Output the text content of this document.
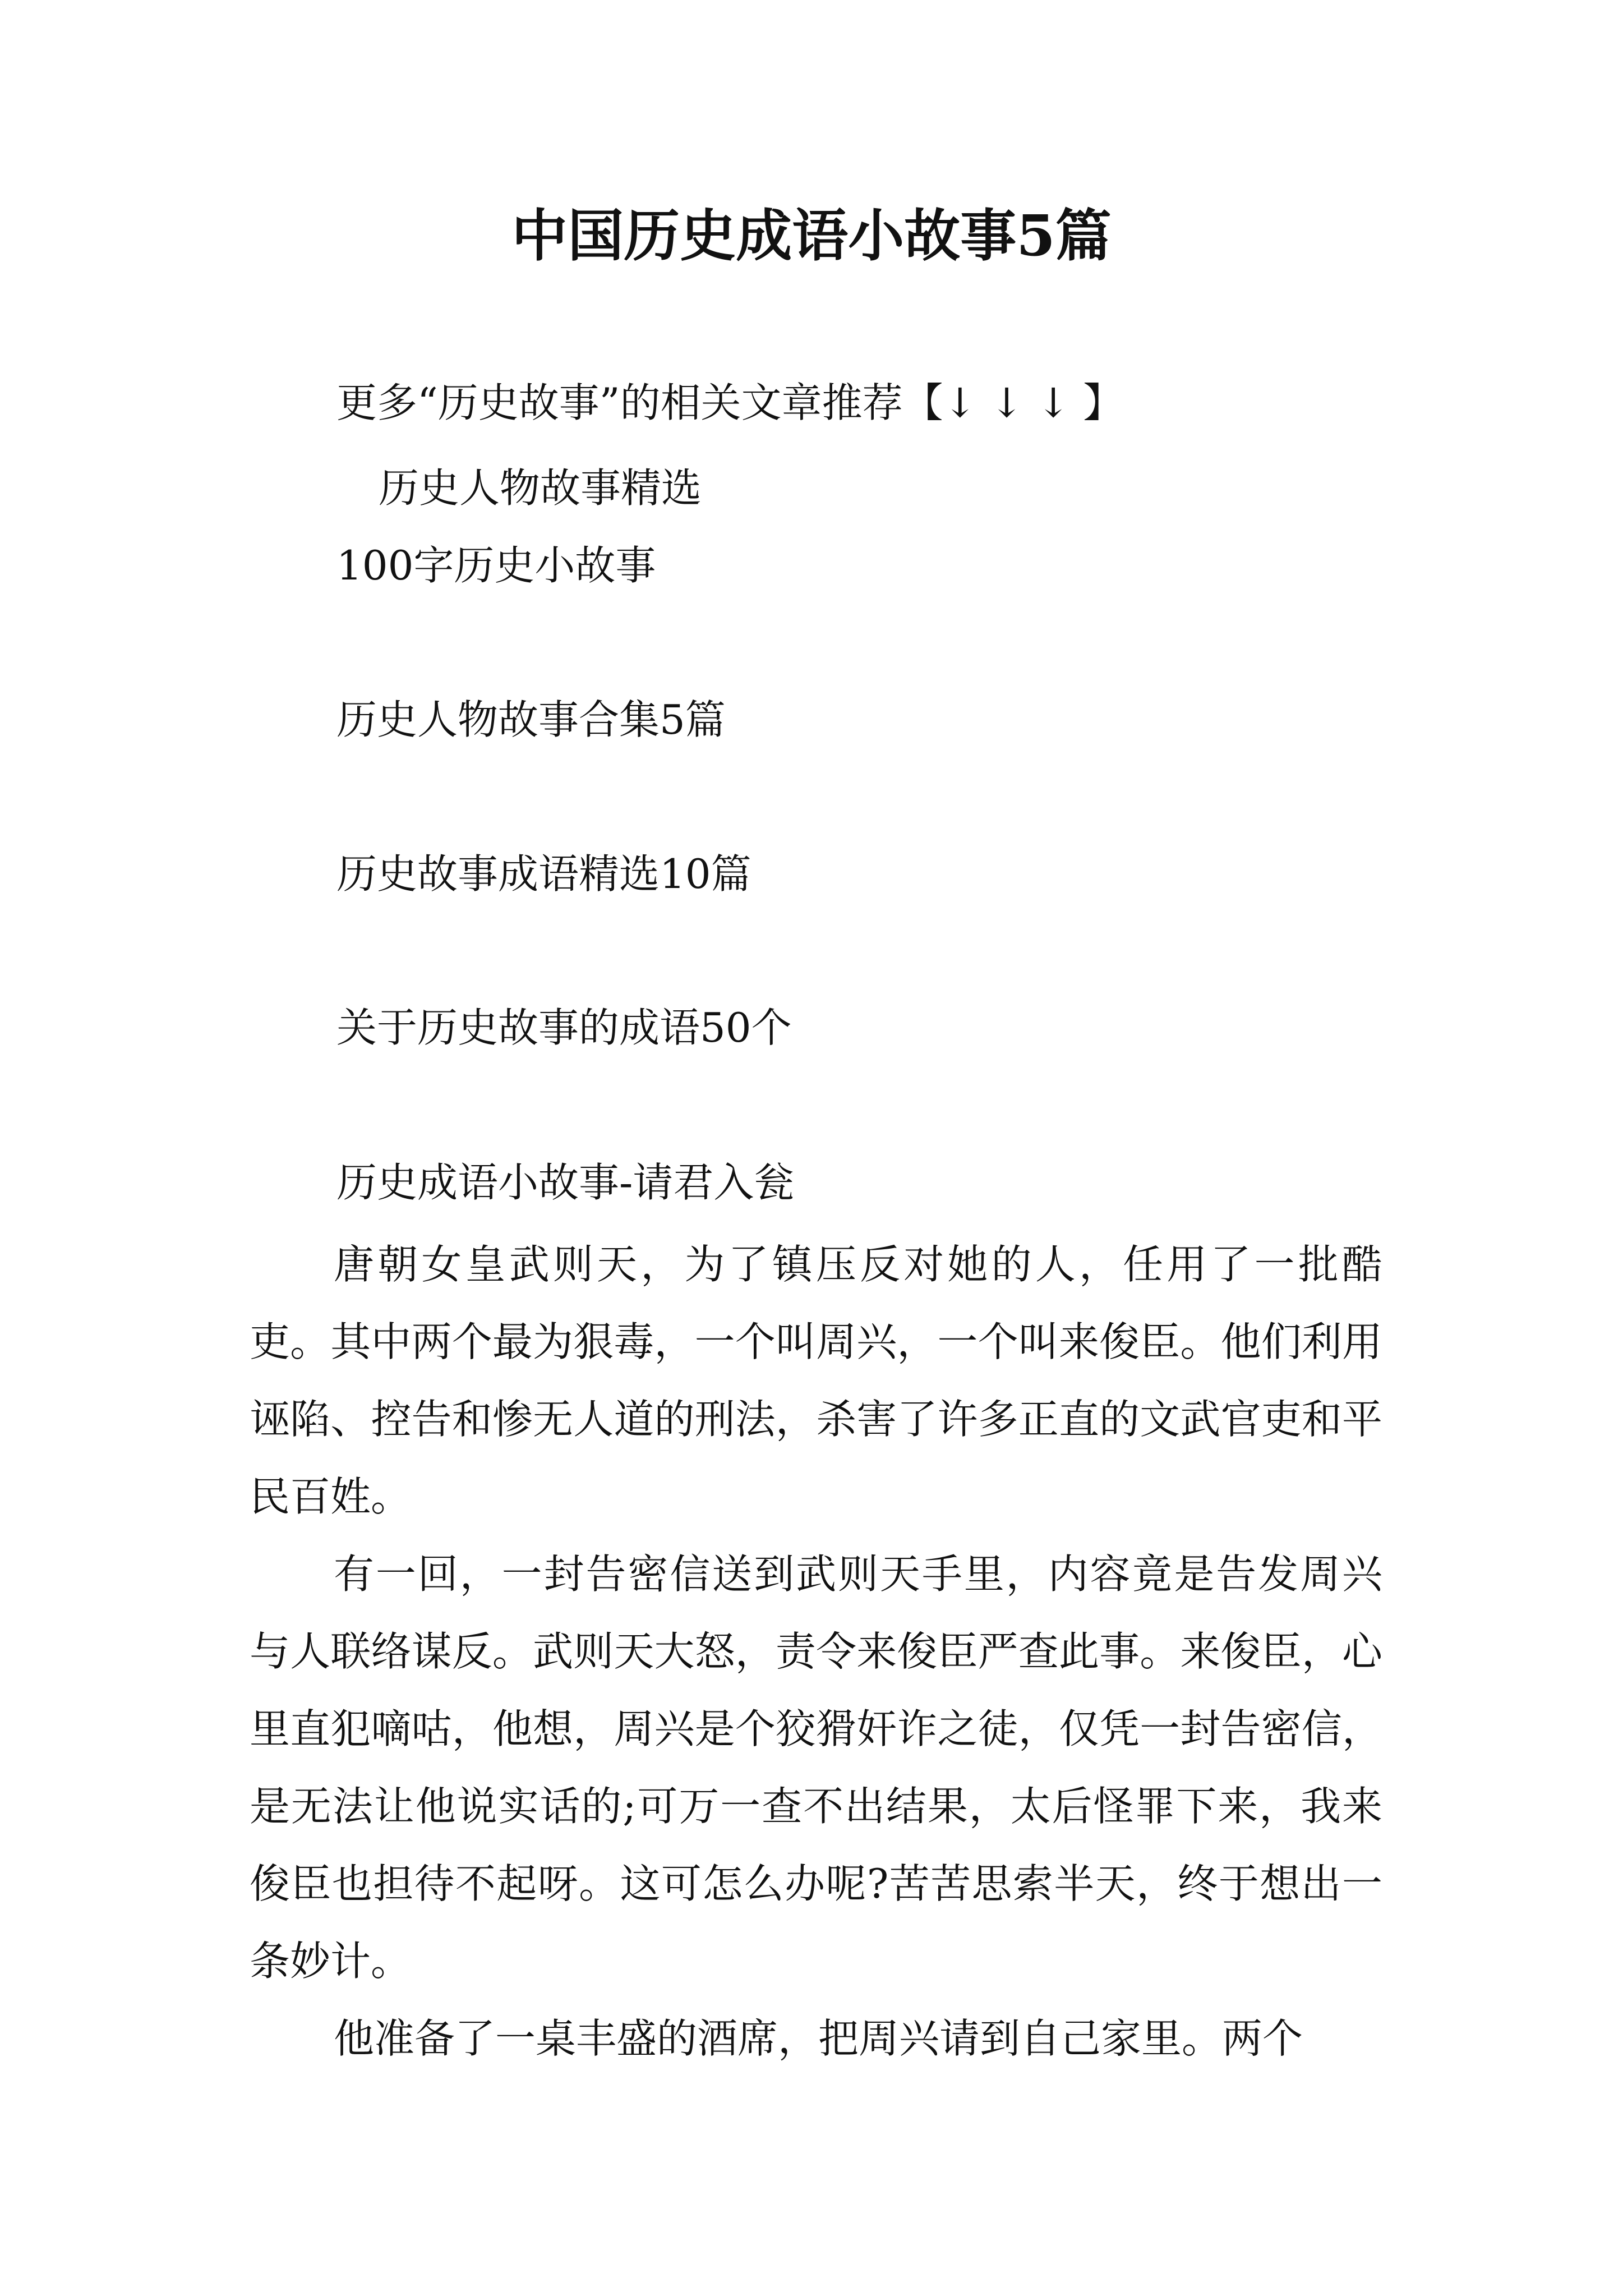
中国历史成语小故事5篇
更多“历史故事”的相关文章推荐【↓ ↓ ↓ 】
历史人物故事精选
100字历史小故事
历史人物故事合集5篇
历史故事成语精选10篇
关于历史故事的成语50个
历史成语小故事-请君入瓮

唐朝女皇武则天，为了镇压反对她的人，任用了一批酷吏。其中两个最为狠毒，一个叫周兴，一个叫来俊臣。他们利用诬陷、控告和惨无人道的刑法，杀害了许多正直的文武官吏和平民百姓。

有一回，一封告密信送到武则天手里，内容竟是告发周兴与人联络谋反。武则天大怒，责令来俊臣严查此事。来俊臣，心里直犯嘀咕，他想，周兴是个狡猾奸诈之徒，仅凭一封告密信，是无法让他说实话的;可万一查不出结果，太后怪罪下来，我来俊臣也担待不起呀。这可怎么办呢?苦苦思索半天，终于想出一条妙计。

他准备了一桌丰盛的酒席，把周兴请到自己家里。两个
